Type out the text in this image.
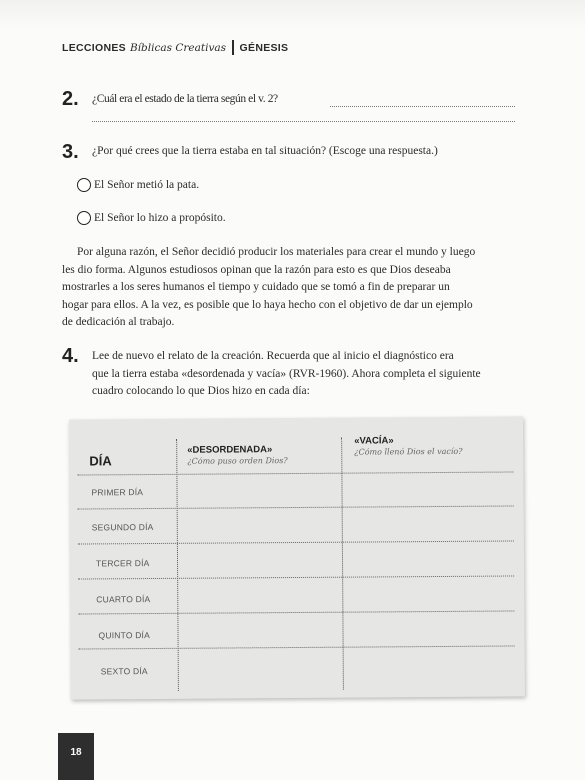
LECCIONES Bíblicas Creativas GÉNESIS
2. ¿Cuál era el estado de la tierra según el v. 2?
3. ¿Por qué crees que la tierra estaba en tal situación? (Escoge una respuesta.)
El Señor metió la pata.
El Señor lo hizo a propósito.
Por alguna razón, el Señor decidió producir los materiales para crear el mundo y luego
les dio forma. Algunos estudiosos opinan que la razón para esto es que Dios deseaba
mostrarles a los seres humanos el tiempo y cuidado que se tomó a fin de preparar un
hogar para ellos. A la vez, es posible que lo haya hecho con el objetivo de dar un ejemplo
de dedicación al trabajo.
4. Lee de nuevo el relato de la creación. Recuerda que al inicio el diagnóstico era
que la tierra estaba «desordenada y vacía» (RVR-1960). Ahora completa el siguiente
cuadro colocando lo que Dios hizo en cada día:
DÍA
«DESORDENADA»
¿Cómo puso orden Dios?
«VACÍA»
¿Cómo llenó Dios el vacío?
PRIMER DÍA
SEGUNDO DÍA
TERCER DÍA
CUARTO DÍA
QUINTO DÍA
SEXTO DÍA
18
